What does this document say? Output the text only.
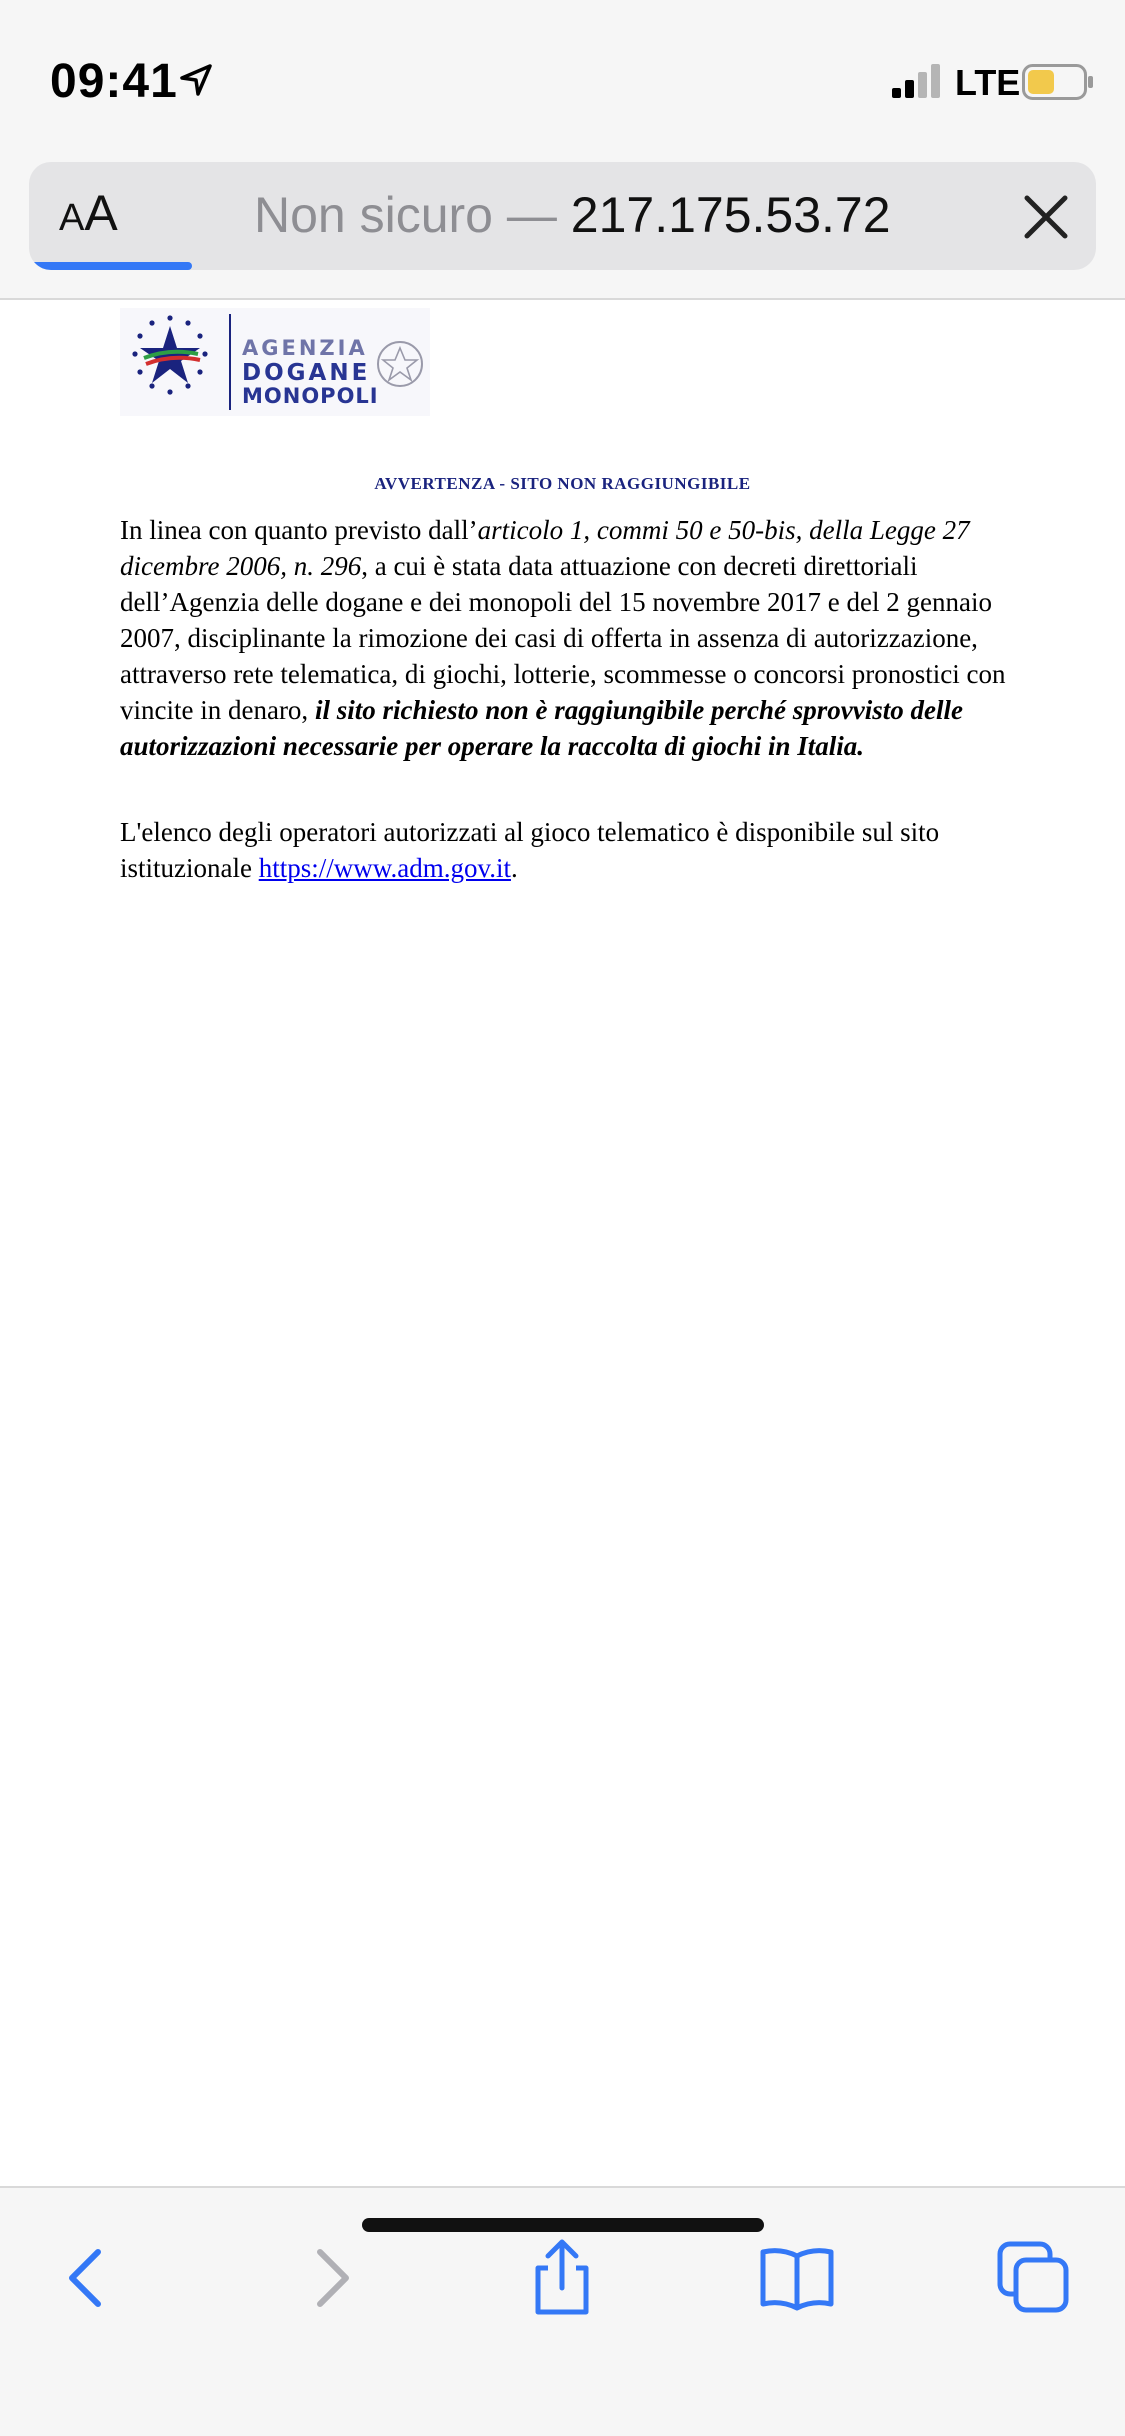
09:41	LTE
AA	Non sicuro — 217.175.53.72
AGENZIA
DOGANE
MONOPOLI
AVVERTENZA - SITO NON RAGGIUNGIBILE

In linea con quanto previsto dall’articolo 1, commi 50 e 50-bis, della Legge 27 dicembre 2006, n. 296, a cui è stata data attuazione con decreti direttoriali dell’Agenzia delle dogane e dei monopoli del 15 novembre 2017 e del 2 gennaio 2007, disciplinante la rimozione dei casi di offerta in assenza di autorizzazione, attraverso rete telematica, di giochi, lotterie, scommesse o concorsi pronostici con vincite in denaro, il sito richiesto non è raggiungibile perché sprovvisto delle autorizzazioni necessarie per operare la raccolta di giochi in Italia.

L'elenco degli operatori autorizzati al gioco telematico è disponibile sul sito istituzionale https://www.adm.gov.it.
